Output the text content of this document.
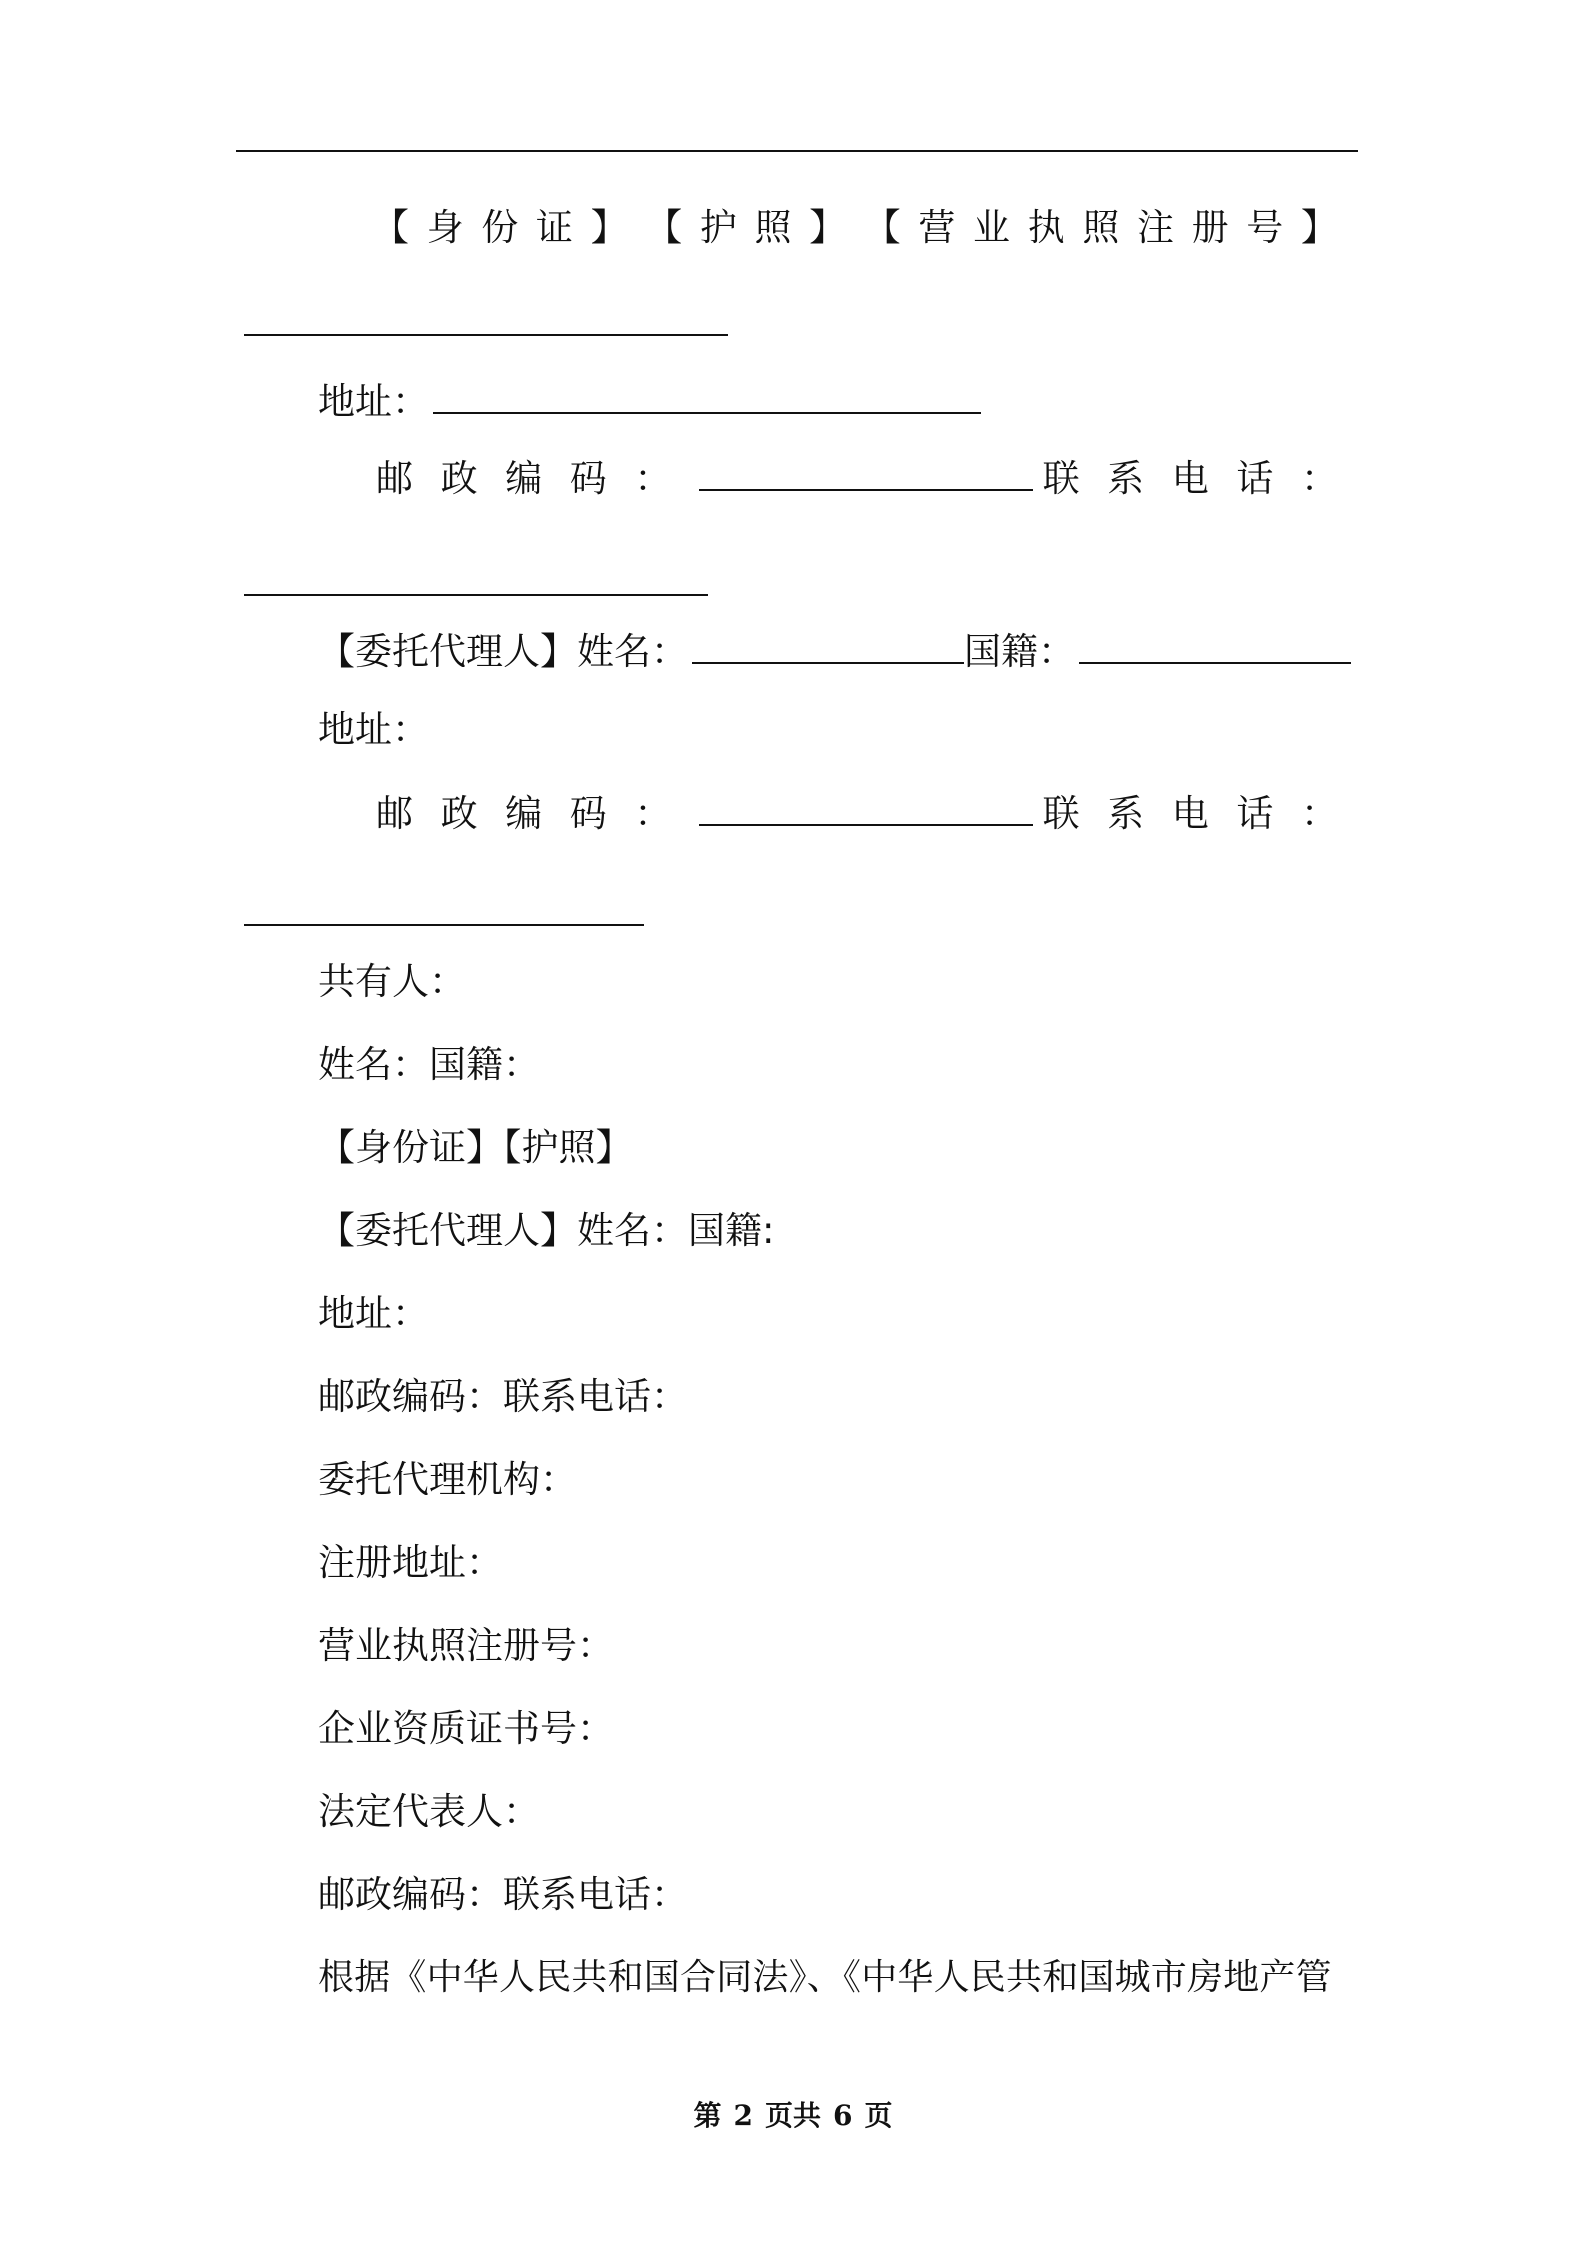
【 身 份 证 】 【 护 照 】 【 营 业 执 照 注 册 号 】
地址：
邮 政 编 码 ：	联 系 电 话 ：
【委托代理人】姓名：	国籍：
地址：
邮 政 编 码 ：	联 系 电 话 ：
共有人：
姓名：国籍：
【身份证】【护照】
【委托代理人】姓名：国籍:
地址：
邮政编码：联系电话：
委托代理机构：
注册地址：
营业执照注册号：
企业资质证书号：
法定代表人：
邮政编码：联系电话：
根据《中华人民共和国合同法》、《中华人民共和国城市房地产管
第 2 页共 6 页
